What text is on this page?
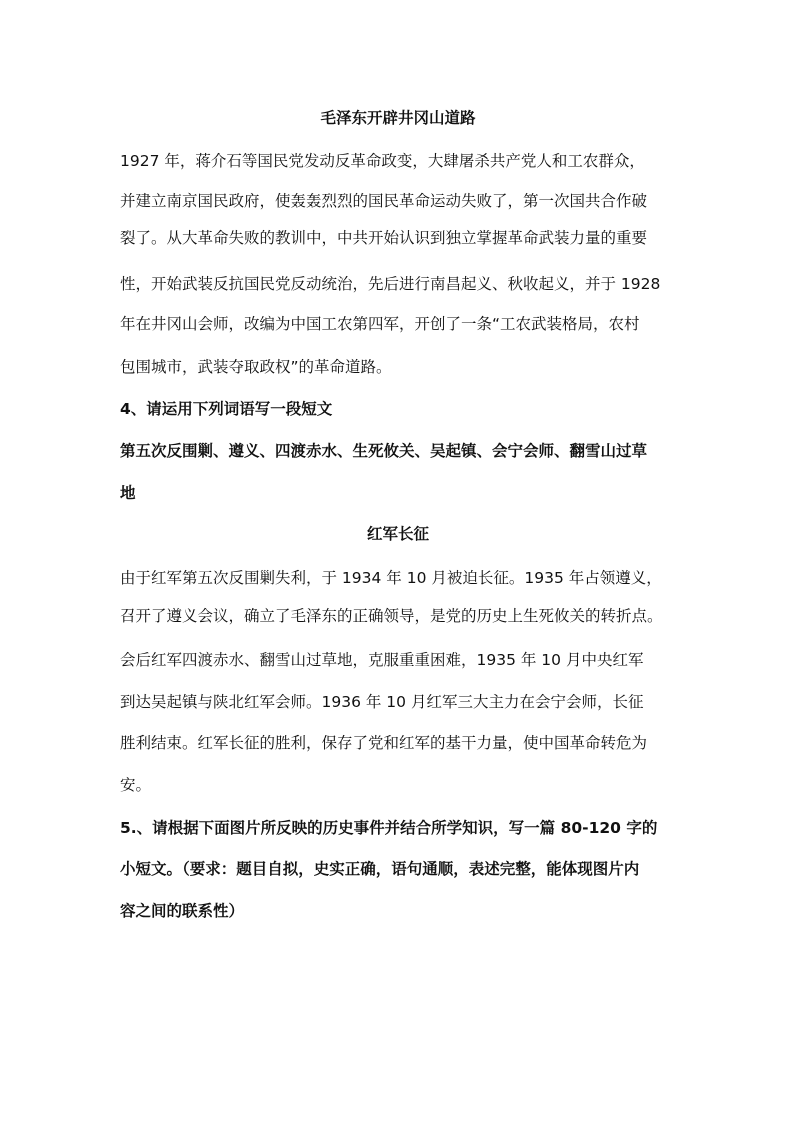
毛泽东开辟井冈山道路

1927 年，蒋介石等国民党发动反革命政变，大肆屠杀共产党人和工农群众，

并建立南京国民政府，使轰轰烈烈的国民革命运动失败了，第一次国共合作破

裂了。从大革命失败的教训中，中共开始认识到独立掌握革命武装力量的重要

性，开始武装反抗国民党反动统治，先后进行南昌起义、秋收起义，并于 1928

年在井冈山会师，改编为中国工农第四军，开创了一条“工农武装格局，农村

包围城市，武装夺取政权”的革命道路。

4、请运用下列词语写一段短文

第五次反围剿、遵义、四渡赤水、生死攸关、吴起镇、会宁会师、翻雪山过草

地

红军长征

由于红军第五次反围剿失利，于 1934 年 10 月被迫长征。1935 年占领遵义，

召开了遵义会议，确立了毛泽东的正确领导，是党的历史上生死攸关的转折点。

会后红军四渡赤水、翻雪山过草地，克服重重困难，1935 年 10 月中央红军

到达吴起镇与陕北红军会师。1936 年 10 月红军三大主力在会宁会师，长征

胜利结束。红军长征的胜利，保存了党和红军的基干力量，使中国革命转危为

安。

5.、请根据下面图片所反映的历史事件并结合所学知识，写一篇 80-120 字的

小短文。（要求：题目自拟，史实正确，语句通顺，表述完整，能体现图片内

容之间的联系性）
